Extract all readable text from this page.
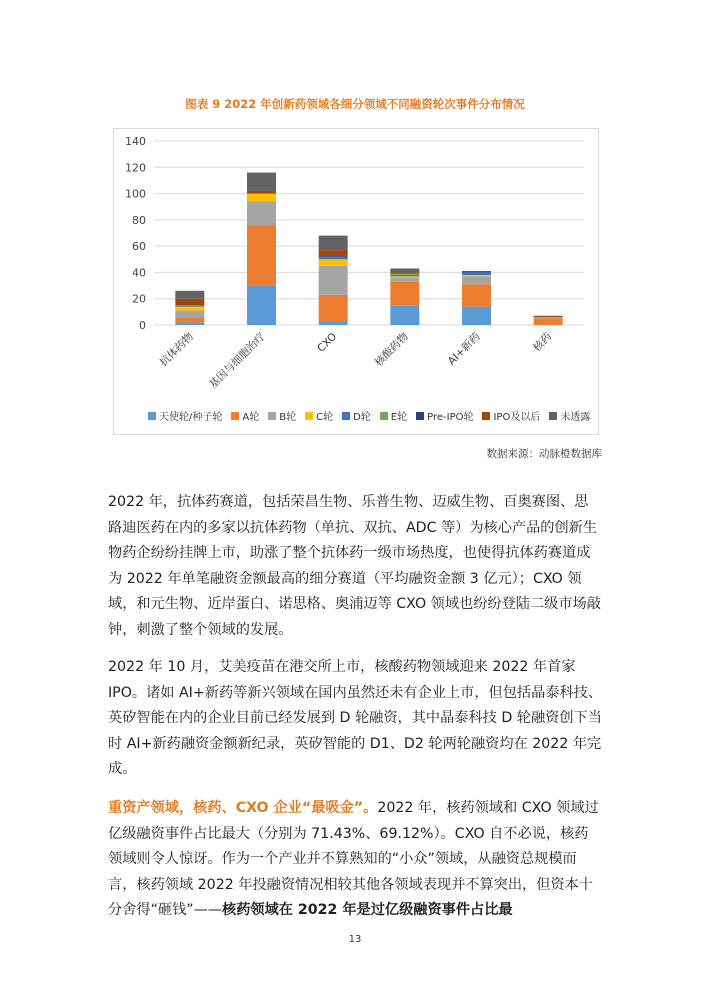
图表 9 2022 年创新药领域各细分领域不同融资轮次事件分布情况
0
20
40
60
80
100
120
140
抗体药物 基因与细胞治疗	CXO	核酸药物	AI+新药	核药
天使轮/种子轮 A轮 B轮 C轮 D轮 E轮 Pre-IPO轮 IPO及以后 未透露
数据来源：动脉橙数据库

2022 年，抗体药赛道，包括荣昌生物、乐普生物、迈威生物、百奥赛图、思路迪医药在内的多家以抗体药物（单抗、双抗、ADC 等）为核心产品的创新生物药企纷纷挂牌上市，助涨了整个抗体药一级市场热度，也使得抗体药赛道成为 2022 年单笔融资金额最高的细分赛道（平均融资金额 3 亿元）；CXO 领域，和元生物、近岸蛋白、诺思格、奥浦迈等 CXO 领域也纷纷登陆二级市场敲钟，刺激了整个领域的发展。

2022 年 10 月，艾美疫苗在港交所上市，核酸药物领域迎来 2022 年首家 IPO。诸如 AI+新药等新兴领域在国内虽然还未有企业上市，但包括晶泰科技、英矽智能在内的企业目前已经发展到 D 轮融资，其中晶泰科技 D 轮融资创下当时 AI+新药融资金额新纪录，英矽智能的 D1、D2 轮两轮融资均在 2022 年完成。

重资产领域，核药、CXO 企业“最吸金”。2022 年，核药领域和 CXO 领域过亿级融资事件占比最大（分别为 71.43%、69.12%）。CXO 自不必说，核药领域则令人惊讶。作为一个产业并不算熟知的“小众”领域，从融资总规模而言，核药领域 2022 年投融资情况相较其他各领域表现并不算突出，但资本十分舍得“砸钱”——核药领域在 2022 年是过亿级融资事件占比最

13
